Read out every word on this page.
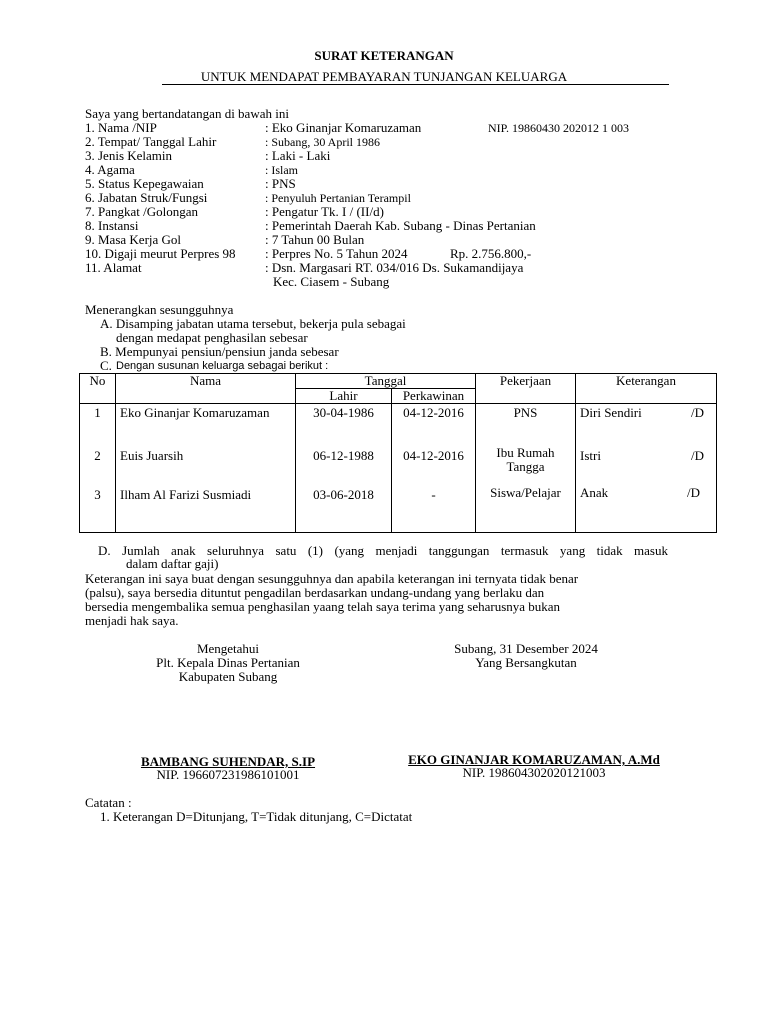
SURAT KETERANGAN
UNTUK MENDAPAT PEMBAYARAN TUNJANGAN KELUARGA
Saya yang bertandatangan di bawah ini
1. Nama /NIP	: Eko Ginanjar Komaruzaman	NIP. 19860430 202012 1 003
2. Tempat/ Tanggal Lahir	: Subang, 30 April 1986
3. Jenis Kelamin	: Laki - Laki
4. Agama	: Islam
5. Status Kepegawaian	: PNS
6. Jabatan Struk/Fungsi	: Penyuluh Pertanian Terampil
7. Pangkat /Golongan	: Pengatur Tk. I / (II/d)
8. Instansi	: Pemerintah Daerah Kab. Subang - Dinas Pertanian
9. Masa Kerja Gol	: 7 Tahun 00 Bulan
10. Digaji meurut Perpres 98 : Perpres No. 5 Tahun 2024	Rp. 2.756.800,-
11. Alamat	: Dsn. Margasari RT. 034/016 Ds. Sukamandijaya
Kec. Ciasem - Subang
Menerangkan sesungguhnya
A. Disamping jabatan utama tersebut, bekerja pula sebagai
dengan medapat penghasilan sebesar
B. Mempunyai pensiun/pensiun janda sebesar
C. Dengan susunan keluarga sebagai berikut :
No	Nama	Tanggal		Pekerjaan	Keterangan
		Lahir	Perkawinan		
1	Eko Ginanjar Komaruzaman	30-04-1986	04-12-2016	PNS	Diri Sendiri /D

2	Euis Juarsih	06-12-1988	04-12-2016	Ibu Rumah Tangga	Istri /D

3	Ilham Al Farizi Susmiadi	03-06-2018	-	Siswa/Pelajar	Anak /D
D. Jumlah anak seluruhnya satu (1) (yang menjadi tanggungan termasuk yang tidak masuk
dalam daftar gaji)
Keterangan ini saya buat dengan sesungguhnya dan apabila keterangan ini ternyata tidak benar
(palsu), saya bersedia dituntut pengadilan berdasarkan undang-undang yang berlaku dan
bersedia mengembalika semua penghasilan yaang telah saya terima yang seharusnya bukan
menjadi hak saya.
Mengetahui
Plt. Kepala Dinas Pertanian
Kabupaten Subang
Subang, 31 Desember 2024
Yang Bersangkutan
BAMBANG SUHENDAR, S.IP
NIP. 196607231986101001
EKO GINANJAR KOMARUZAMAN, A.Md
NIP. 198604302020121003
Catatan :
1. Keterangan D=Ditunjang, T=Tidak ditunjang, C=Dictatat
